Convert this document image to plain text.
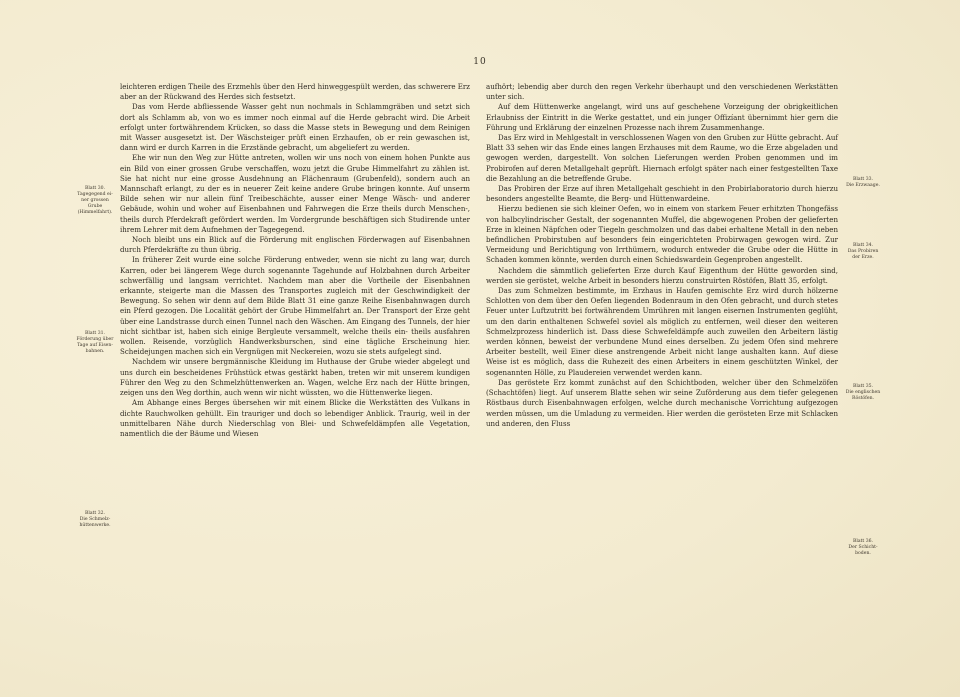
10

leichteren erdigen Theile des Erzmehls über den Herd hinweggespült werden, das schwerere Erz aber an der Rückwand des Herdes sich festsetzt.

Das vom Herde abfliessende Wasser geht nun nochmals in Schlammgräben und setzt sich dort als Schlamm ab, von wo es immer noch einmal auf die Herde gebracht wird. Die Arbeit erfolgt unter fortwährendem Krücken, so dass die Masse stets in Bewegung und dem Reinigen mit Wasser ausgesetzt ist. Der Wäschsteiger prüft einen Erzhaufen, ob er rein gewaschen ist, dann wird er durch Karren in die Erzstände gebracht, um abgeliefert zu werden.

Ehe wir nun den Weg zur Hütte antreten, wollen wir uns noch von einem hohen Punkte aus ein Bild von einer grossen Grube verschaffen, wozu jetzt die Grube Himmelfahrt zu zählen ist. Sie hat nicht nur eine grosse Ausdehnung an Flächenraum (Grubenfeld), sondern auch an Mannschaft erlangt, zu der es in neuerer Zeit keine andere Grube bringen konnte. Auf unserm Bilde sehen wir nur allein fünf Treibeschächte, ausser einer Menge Wäsch- und anderer Gebäude, wohin und woher auf Eisenbahnen und Fahrwegen die Erze theils durch Menschen-, theils durch Pferdekraft gefördert werden. Im Vordergrunde beschäftigen sich Studirende unter ihrem Lehrer mit dem Aufnehmen der Tagegegend.

Noch bleibt uns ein Blick auf die Förderung mit englischen Förderwagen auf Eisenbahnen durch Pferdekräfte zu thun übrig.

In früherer Zeit wurde eine solche Förderung entweder, wenn sie nicht zu lang war, durch Karren, oder bei längerem Wege durch sogenannte Tagehunde auf Holzbahnen durch Arbeiter schwerfällig und langsam verrichtet. Nachdem man aber die Vortheile der Eisenbahnen erkannte, steigerte man die Massen des Transportes zugleich mit der Geschwindigkeit der Bewegung. So sehen wir denn auf dem Bilde Blatt 31 eine ganze Reihe Eisenbahnwagen durch ein Pferd gezogen. Die Localität gehört der Grube Himmelfahrt an. Der Transport der Erze geht über eine Landstrasse durch einen Tunnel nach den Wäschen. Am Eingang des Tunnels, der hier nicht sichtbar ist, haben sich einige Bergleute versammelt, welche theils ein- theils ausfahren wollen. Reisende, vorzüglich Handwerksburschen, sind eine tägliche Erscheinung hier. Scheidejungen machen sich ein Vergnügen mit Neckereien, wozu sie stets aufgelegt sind.

Nachdem wir unsere bergmännische Kleidung im Huthause der Grube wieder abgelegt und uns durch ein bescheidenes Frühstück etwas gestärkt haben, treten wir mit unserem kundigen Führer den Weg zu den Schmelzhüttenwerken an. Wagen, welche Erz nach der Hütte bringen, zeigen uns den Weg dorthin, auch wenn wir nicht wüssten, wo die Hüttenwerke liegen.

Am Abhange eines Berges übersehen wir mit einem Blicke die Werkstätten des Vulkans in dichte Rauchwolken gehüllt. Ein trauriger und doch so lebendiger Anblick. Traurig, weil in der unmittelbaren Nähe durch Niederschlag von Blei- und Schwefeldämpfen alle Vegetation, namentlich die der Bäume und Wiesen

aufhört; lebendig aber durch den regen Verkehr überhaupt und den verschiedenen Werkstätten unter sich.

Auf dem Hüttenwerke angelangt, wird uns auf geschehene Vorzeigung der obrigkeitlichen Erlaubniss der Eintritt in die Werke gestattet, und ein junger Offizíant übernimmt hier gern die Führung und Erklärung der einzelnen Prozesse nach ihrem Zusammenhange.

Das Erz wird in Mehlgestalt in verschlossenen Wagen von den Gruben zur Hütte gebracht. Auf Blatt 33 sehen wir das Ende eines langen Erzhauses mit dem Raume, wo die Erze abgeladen und gewogen werden, dargestellt. Von solchen Lieferungen werden Proben genommen und im Probirofen auf deren Metallgehalt geprüft. Hiernach erfolgt später nach einer festgestellten Taxe die Bezahlung an die betreffende Grube.

Das Probiren der Erze auf ihren Metallgehalt geschieht in den Probirlaboratorio durch hierzu besonders angestellte Beamte, die Berg- und Hüttenwardeine.

Hierzu bedienen sie sich kleiner Oefen, wo in einem von starkem Feuer erhitzten Thongefäss von halbcylindrischer Gestalt, der sogenannten Muffel, die abgewogenen Proben der gelieferten Erze in kleinen Näpfchen oder Tiegeln geschmolzen und das dabei erhaltene Metall in den neben befindlichen Probirstuben auf besonders fein eingerichteten Probirwagen gewogen wird. Zur Vermeidung und Berichtigung von Irrthümern, wodurch entweder die Grube oder die Hütte in Schaden kommen könnte, werden durch einen Schiedswardein Gegenproben angestellt.

Nachdem die sämmtlich gelieferten Erze durch Kauf Eigenthum der Hütte geworden sind, werden sie geröstet, welche Arbeit in besonders hierzu construirten Röstöfen, Blatt 35, erfolgt.

Das zum Schmelzen bestimmte, im Erzhaus in Haufen gemischte Erz wird durch hölzerne Schlotten von dem über den Oefen liegenden Bodenraum in den Ofen gebracht, und durch stetes Feuer unter Luftzutritt bei fortwährendem Umrühren mit langen eisernen Instrumenten geglüht, um den darin enthaltenen Schwefel soviel als möglich zu entfernen, weil dieser den weiteren Schmelzprozess hinderlich ist. Dass diese Schwefeldämpfe auch zuweilen den Arbeitern lästig werden können, beweist der verbundene Mund eines derselben. Zu jedem Ofen sind mehrere Arbeiter bestellt, weil Einer diese anstrengende Arbeit nicht lange aushalten kann. Auf diese Weise ist es möglich, dass die Ruhezeit des einen Arbeiters in einem geschützten Winkel, der sogenannten Hölle, zu Plaudereien verwendet werden kann.

Das geröstete Erz kommt zunächst auf den Schichtboden, welcher über den Schmelzöfen (Schachtöfen) liegt. Auf unserem Blatte sehen wir seine Zuförderung aus dem tiefer gelegenen Röstbaus durch Eisenbahnwagen erfolgen, welche durch mechanische Vorrichtung aufgezogen werden müssen, um die Umladung zu vermeiden. Hier werden die gerösteten Erze mit Schlacken und anderen, den Fluss

Blatt 30.
Tagegegend ei-
ner grossen
Grube
(Himmelfahrt).
Blatt 31.
Förderung über
Tage auf Eisen-
bahnen.
Blatt 32.
Die Schmelz-
hüttenwerke.
Blatt 33.
Die Erzwaage.
Blatt 34.
Das Probiren
der Erze.
Blatt 35.
Die englischen
Röstöfen.
Blatt 36.
Der Schicht-
boden.
